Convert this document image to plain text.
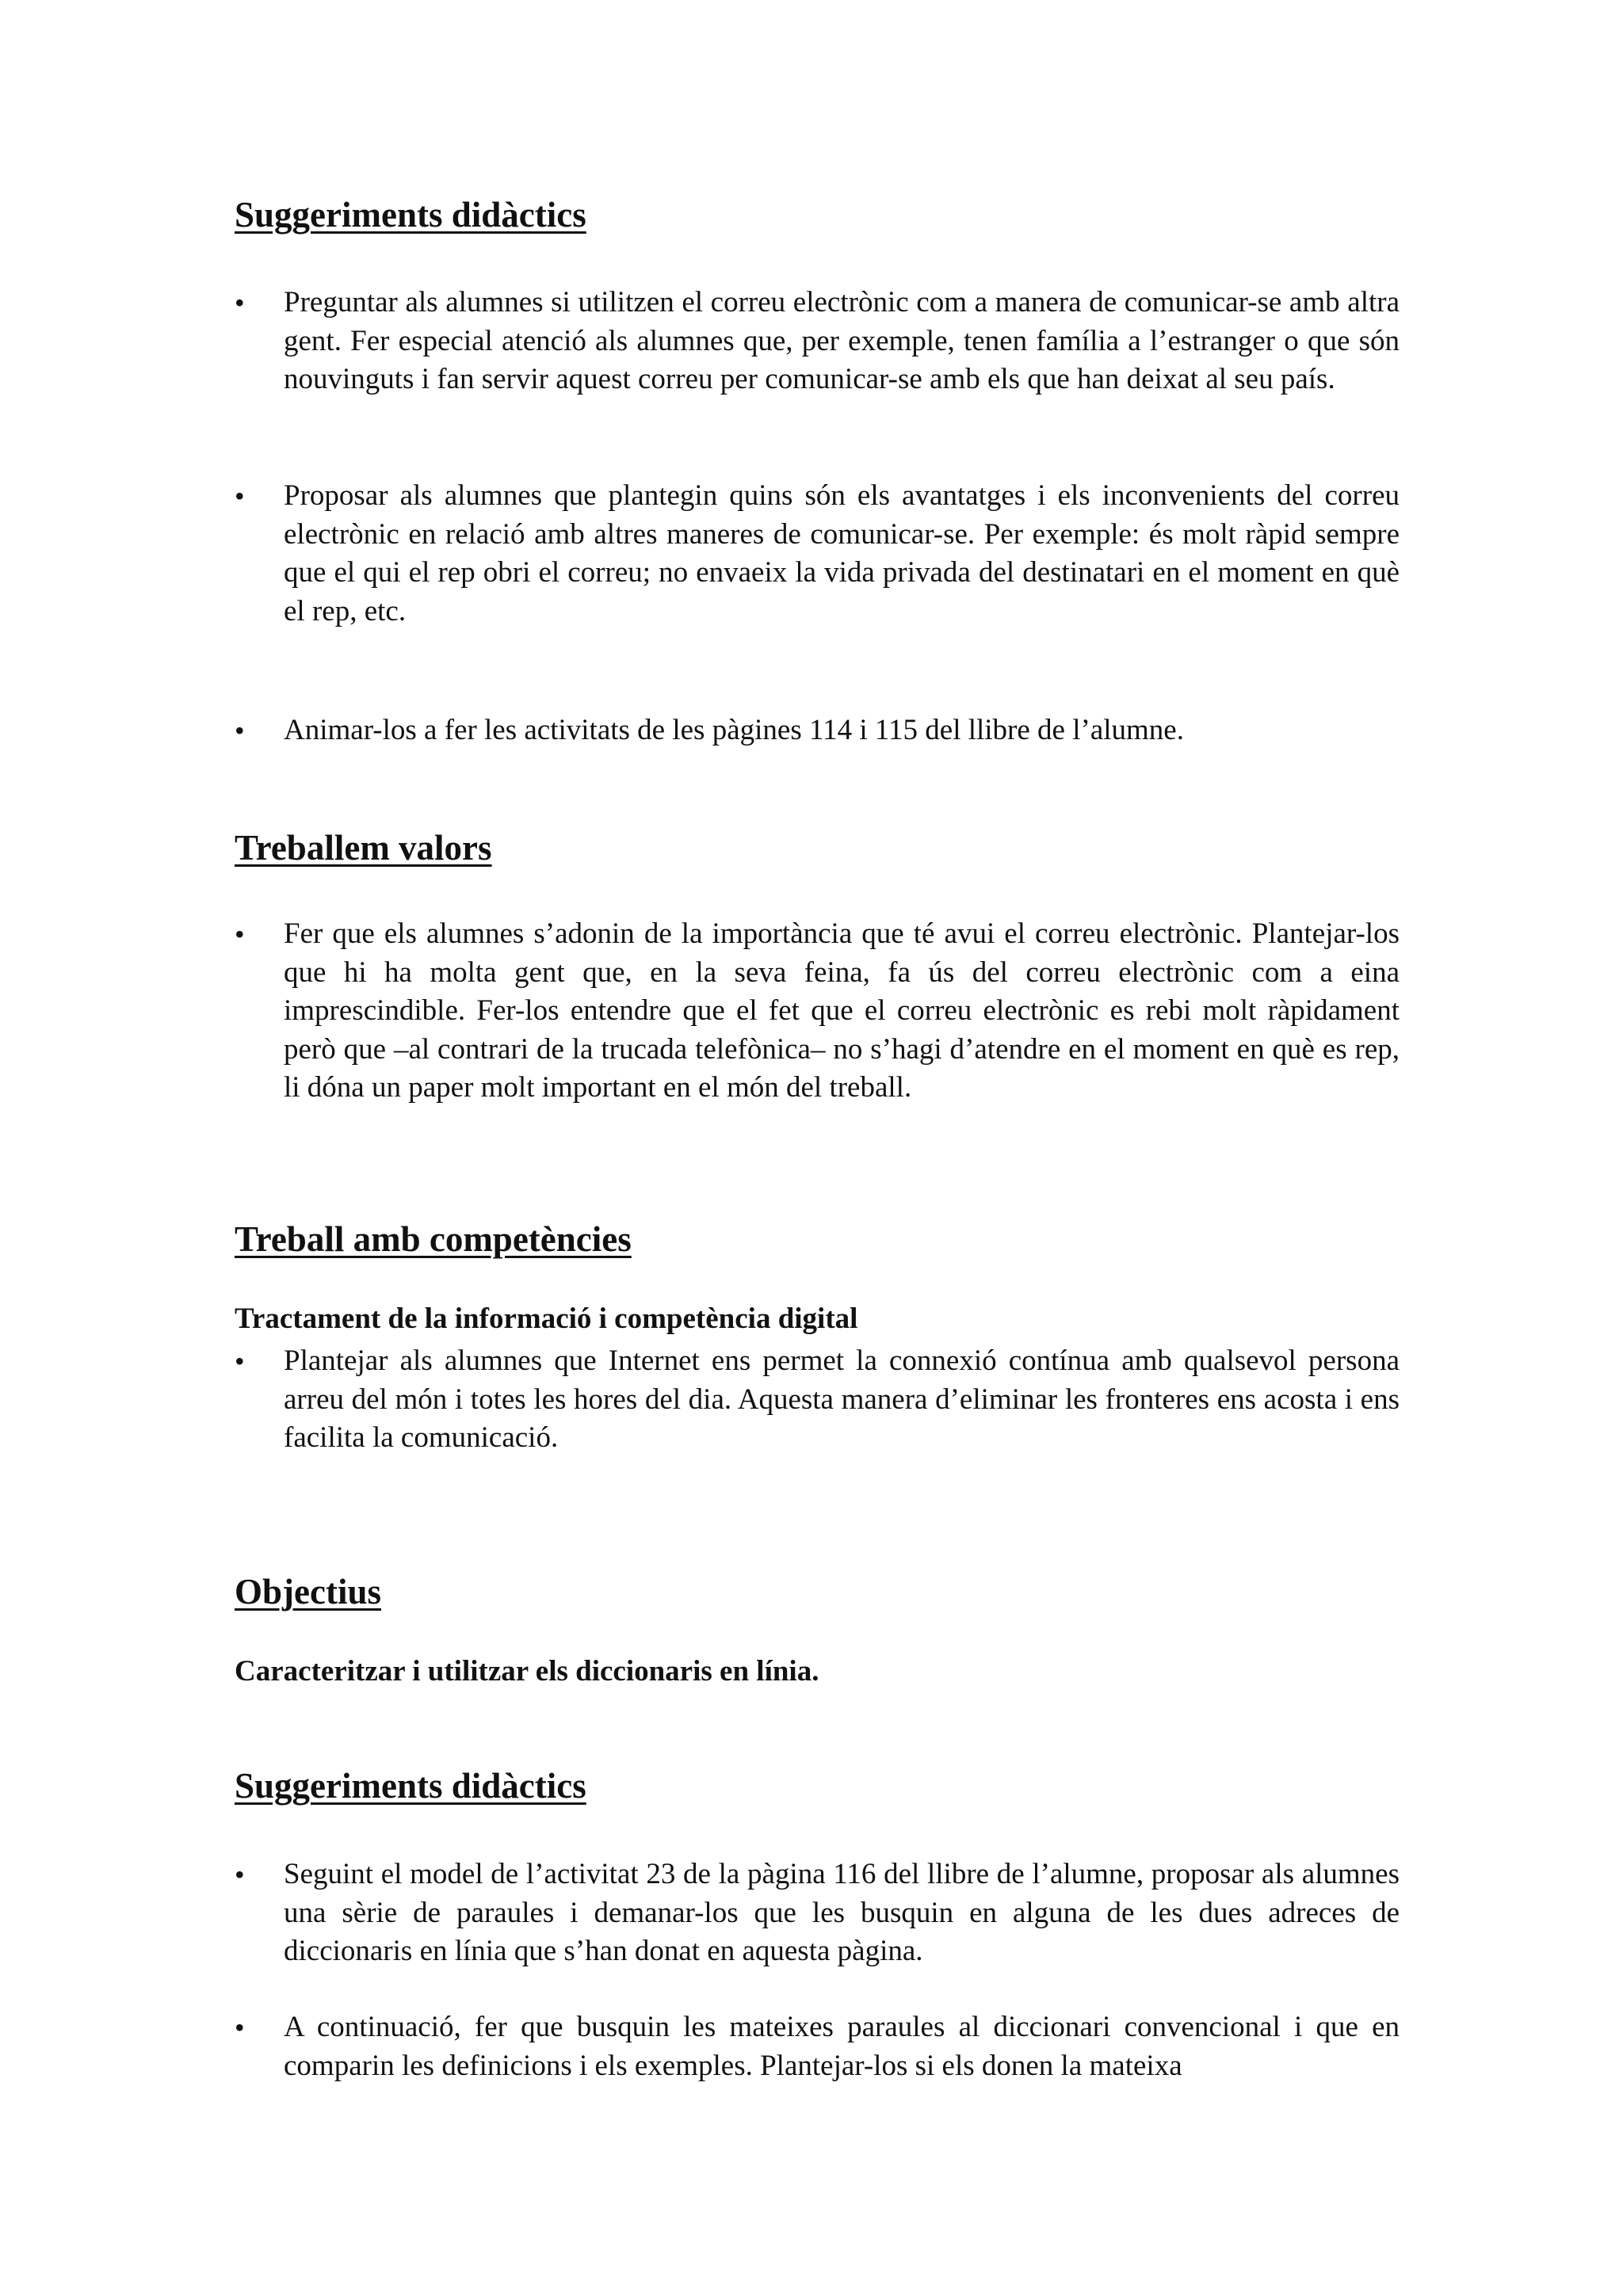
Suggeriments didàctics
• Preguntar als alumnes si utilitzen el correu electrònic com a manera de comunicar-se amb altra gent. Fer especial atenció als alumnes que, per exemple, tenen família a l’estranger o que són nouvinguts i fan servir aquest correu per comunicar-se amb els que han deixat al seu país.
• Proposar als alumnes que plantegin quins són els avantatges i els inconvenients del correu electrònic en relació amb altres maneres de comunicar-se. Per exemple: és molt ràpid sempre que el qui el rep obri el correu; no envaeix la vida privada del destinatari en el moment en què el rep, etc.
• Animar-los a fer les activitats de les pàgines 114 i 115 del llibre de l’alumne.
Treballem valors
• Fer que els alumnes s’adonin de la importància que té avui el correu electrònic. Plantejar-los que hi ha molta gent que, en la seva feina, fa ús del correu electrònic com a eina imprescindible. Fer-los entendre que el fet que el correu electrònic es rebi molt ràpidament però que –al contrari de la trucada telefònica– no s’hagi d’atendre en el moment en què es rep, li dóna un paper molt important en el món del treball.
Treball amb competències
Tractament de la informació i competència digital
• Plantejar als alumnes que Internet ens permet la connexió contínua amb qualsevol persona arreu del món i totes les hores del dia. Aquesta manera d’eliminar les fronteres ens acosta i ens facilita la comunicació.
Objectius
Caracteritzar i utilitzar els diccionaris en línia.
Suggeriments didàctics
• Seguint el model de l’activitat 23 de la pàgina 116 del llibre de l’alumne, proposar als alumnes una sèrie de paraules i demanar-los que les busquin en alguna de les dues adreces de diccionaris en línia que s’han donat en aquesta pàgina.
• A continuació, fer que busquin les mateixes paraules al diccionari convencional i que en comparin les definicions i els exemples. Plantejar-los si els donen la mateixa
